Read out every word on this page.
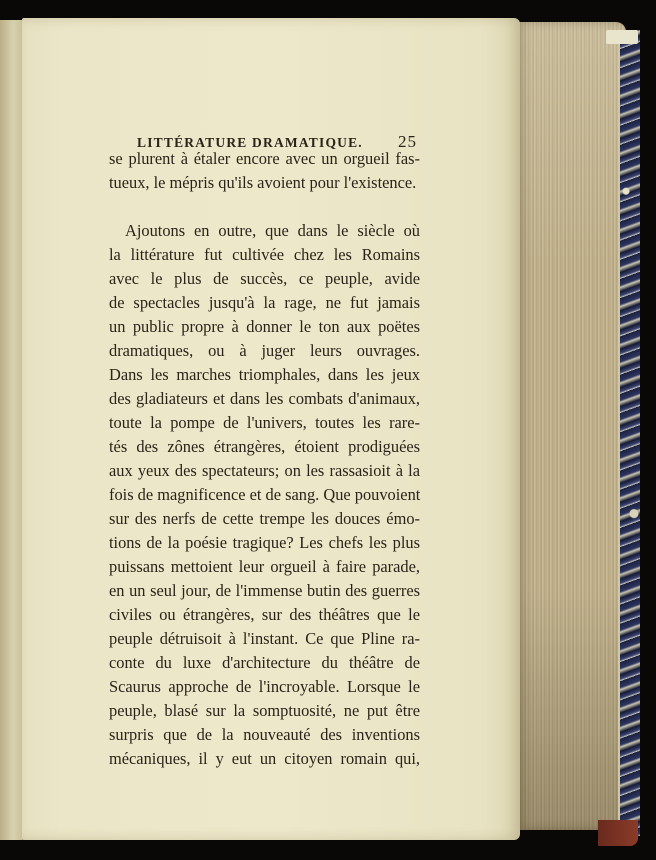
LITTÉRATURE DRAMATIQUE. 25
se plurent à étaler encore avec un orgueil fas-
tueux, le mépris qu'ils avoient pour l'existence.
Ajoutons en outre, que dans le siècle où
la littérature fut cultivée chez les Romains
avec le plus de succès, ce peuple, avide
de spectacles jusqu'à la rage, ne fut jamais
un public propre à donner le ton aux poëtes
dramatiques, ou à juger leurs ouvrages.
Dans les marches triomphales, dans les jeux
des gladiateurs et dans les combats d'animaux,
toute la pompe de l'univers, toutes les rare-
tés des zônes étrangères, étoient prodiguées
aux yeux des spectateurs; on les rassasioit à la
fois de magnificence et de sang. Que pouvoient
sur des nerfs de cette trempe les douces émo-
tions de la poésie tragique? Les chefs les plus
puissans mettoient leur orgueil à faire parade,
en un seul jour, de l'immense butin des guerres
civiles ou étrangères, sur des théâtres que le
peuple détruisoit à l'instant. Ce que Pline ra-
conte du luxe d'architecture du théâtre de
Scaurus approche de l'incroyable. Lorsque le
peuple, blasé sur la somptuosité, ne put être
surpris que de la nouveauté des inventions
mécaniques, il y eut un citoyen romain qui,
